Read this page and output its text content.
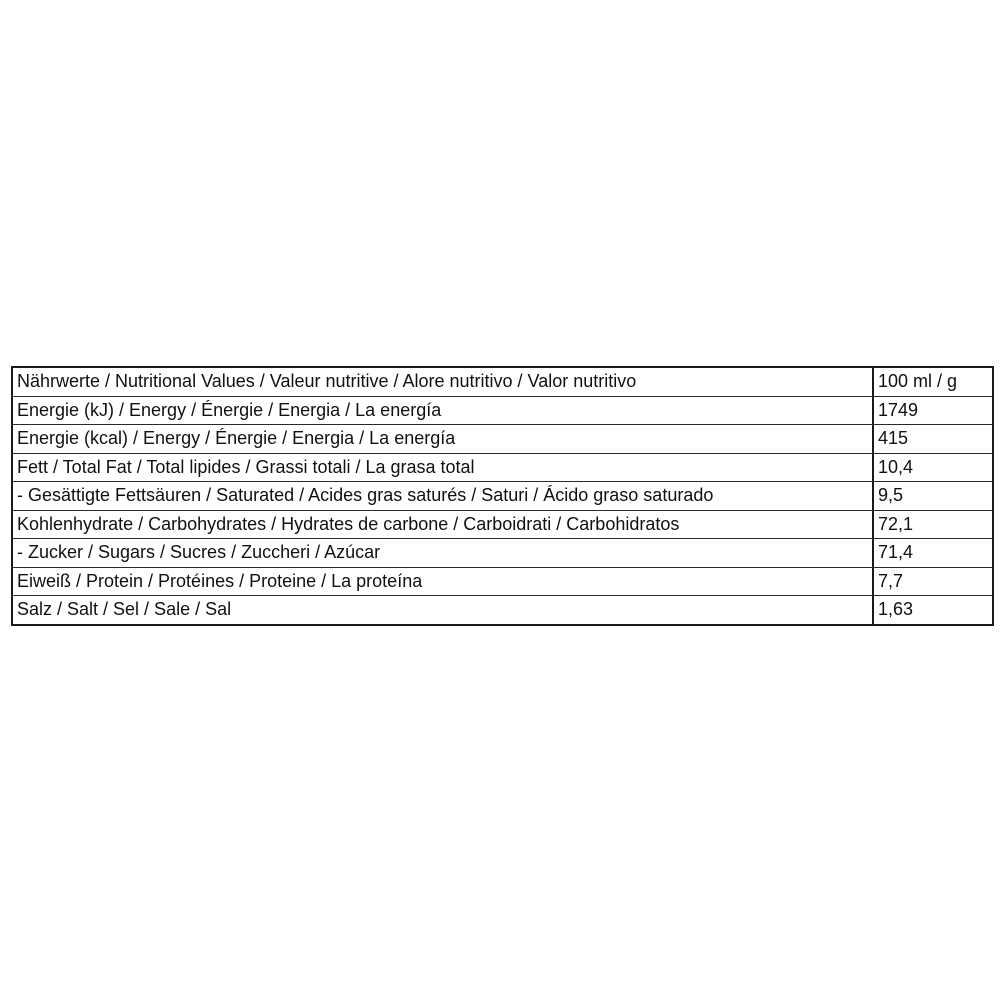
Nährwerte / Nutritional Values / Valeur nutritive / Alore nutritivo / Valor nutritivo	100 ml / g
Energie (kJ) / Energy / Énergie / Energia / La energía	1749
Energie (kcal) / Energy / Énergie / Energia / La energía	415
Fett / Total Fat / Total lipides / Grassi totali / La grasa total	10,4
- Gesättigte Fettsäuren / Saturated / Acides gras saturés / Saturi / Ácido graso saturado	9,5
Kohlenhydrate / Carbohydrates / Hydrates de carbone / Carboidrati / Carbohidratos	72,1
- Zucker / Sugars / Sucres / Zuccheri / Azúcar	71,4
Eiweiß / Protein / Protéines / Proteine / La proteína	7,7
Salz / Salt / Sel / Sale / Sal	1,63
